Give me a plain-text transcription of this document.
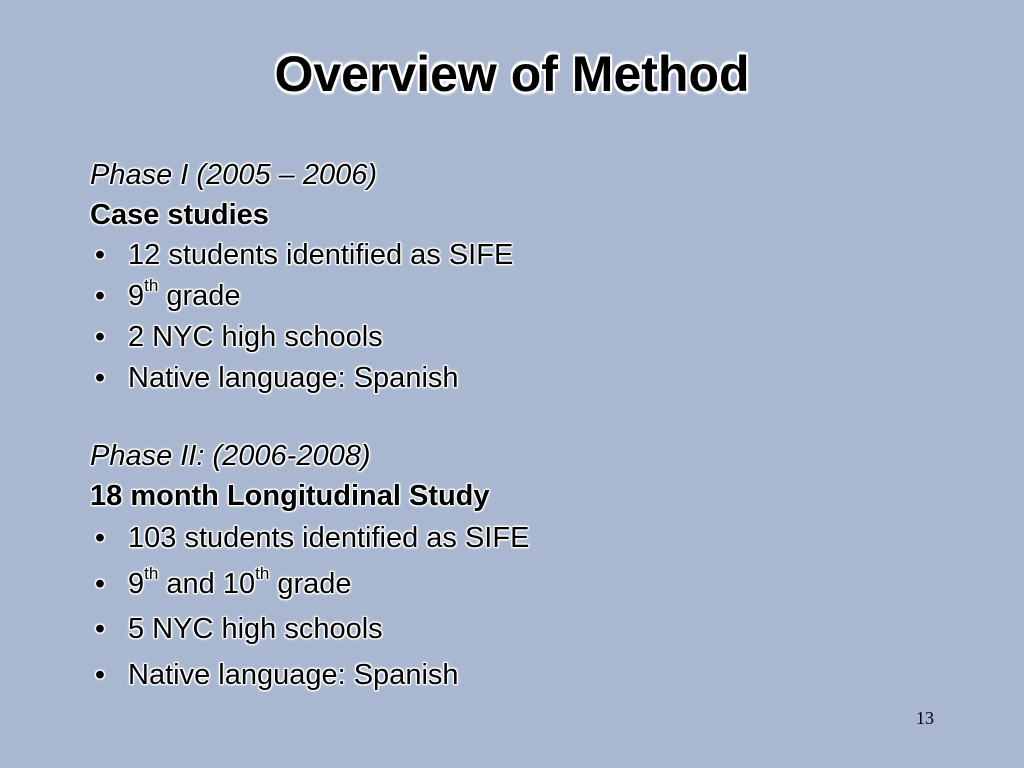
Overview of Method
Phase I (2005 – 2006)
Case studies
• 12 students identified as SIFE
• 9th grade
• 2 NYC high schools
• Native language: Spanish
Phase II: (2006-2008)
18 month Longitudinal Study
• 103 students identified as SIFE
• 9th and 10th grade
• 5 NYC high schools
• Native language: Spanish
13
